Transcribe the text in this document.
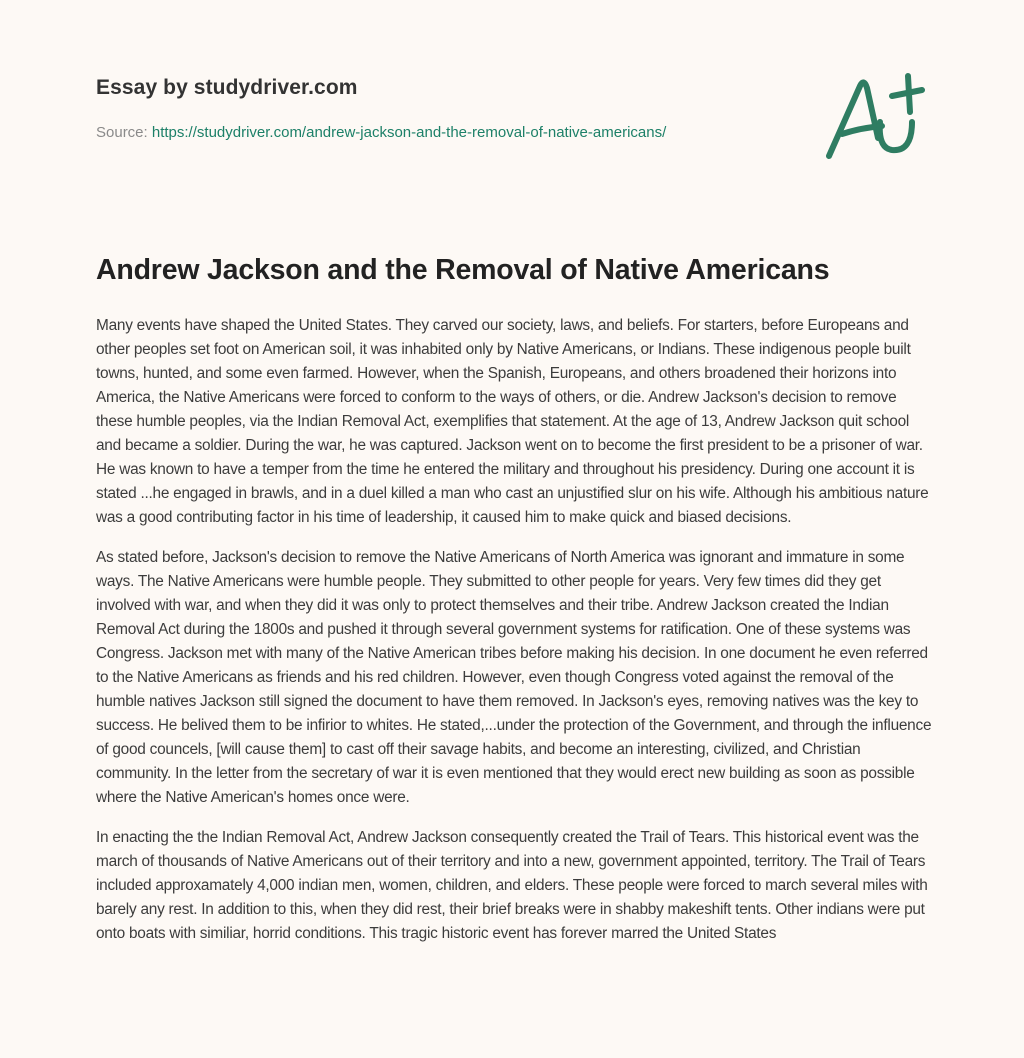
Essay by studydriver.com
Source: https://studydriver.com/andrew-jackson-and-the-removal-of-native-americans/
Andrew Jackson and the Removal of Native Americans

Many events have shaped the United States. They carved our society, laws, and beliefs. For starters, before Europeans and other peoples set foot on American soil, it was inhabited only by Native Americans, or Indians. These indigenous people built towns, hunted, and some even farmed. However, when the Spanish, Europeans, and others broadened their horizons into America, the Native Americans were forced to conform to the ways of others, or die. Andrew Jackson's decision to remove these humble peoples, via the Indian Removal Act, exemplifies that statement. At the age of 13, Andrew Jackson quit school and became a soldier. During the war, he was captured. Jackson went on to become the first president to be a prisoner of war. He was known to have a temper from the time he entered the military and throughout his presidency. During one account it is stated ...he engaged in brawls, and in a duel killed a man who cast an unjustified slur on his wife. Although his ambitious nature was a good contributing factor in his time of leadership, it caused him to make quick and biased decisions.

As stated before, Jackson's decision to remove the Native Americans of North America was ignorant and immature in some ways. The Native Americans were humble people. They submitted to other people for years. Very few times did they get involved with war, and when they did it was only to protect themselves and their tribe. Andrew Jackson created the Indian Removal Act during the 1800s and pushed it through several government systems for ratification. One of these systems was Congress. Jackson met with many of the Native American tribes before making his decision. In one document he even referred to the Native Americans as friends and his red children. However, even though Congress voted against the removal of the humble natives Jackson still signed the document to have them removed. In Jackson's eyes, removing natives was the key to success. He belived them to be infirior to whites. He stated,...under the protection of the Government, and through the influence of good councels, [will cause them] to cast off their savage habits, and become an interesting, civilized, and Christian community. In the letter from the secretary of war it is even mentioned that they would erect new building as soon as possible where the Native American's homes once were.

In enacting the the Indian Removal Act, Andrew Jackson consequently created the Trail of Tears. This historical event was the march of thousands of Native Americans out of their territory and into a new, government appointed, territory. The Trail of Tears included approxamately 4,000 indian men, women, children, and elders. These people were forced to march several miles with barely any rest. In addition to this, when they did rest, their brief breaks were in shabby makeshift tents. Other indians were put onto boats with similiar, horrid conditions. This tragic historic event has forever marred the United States
